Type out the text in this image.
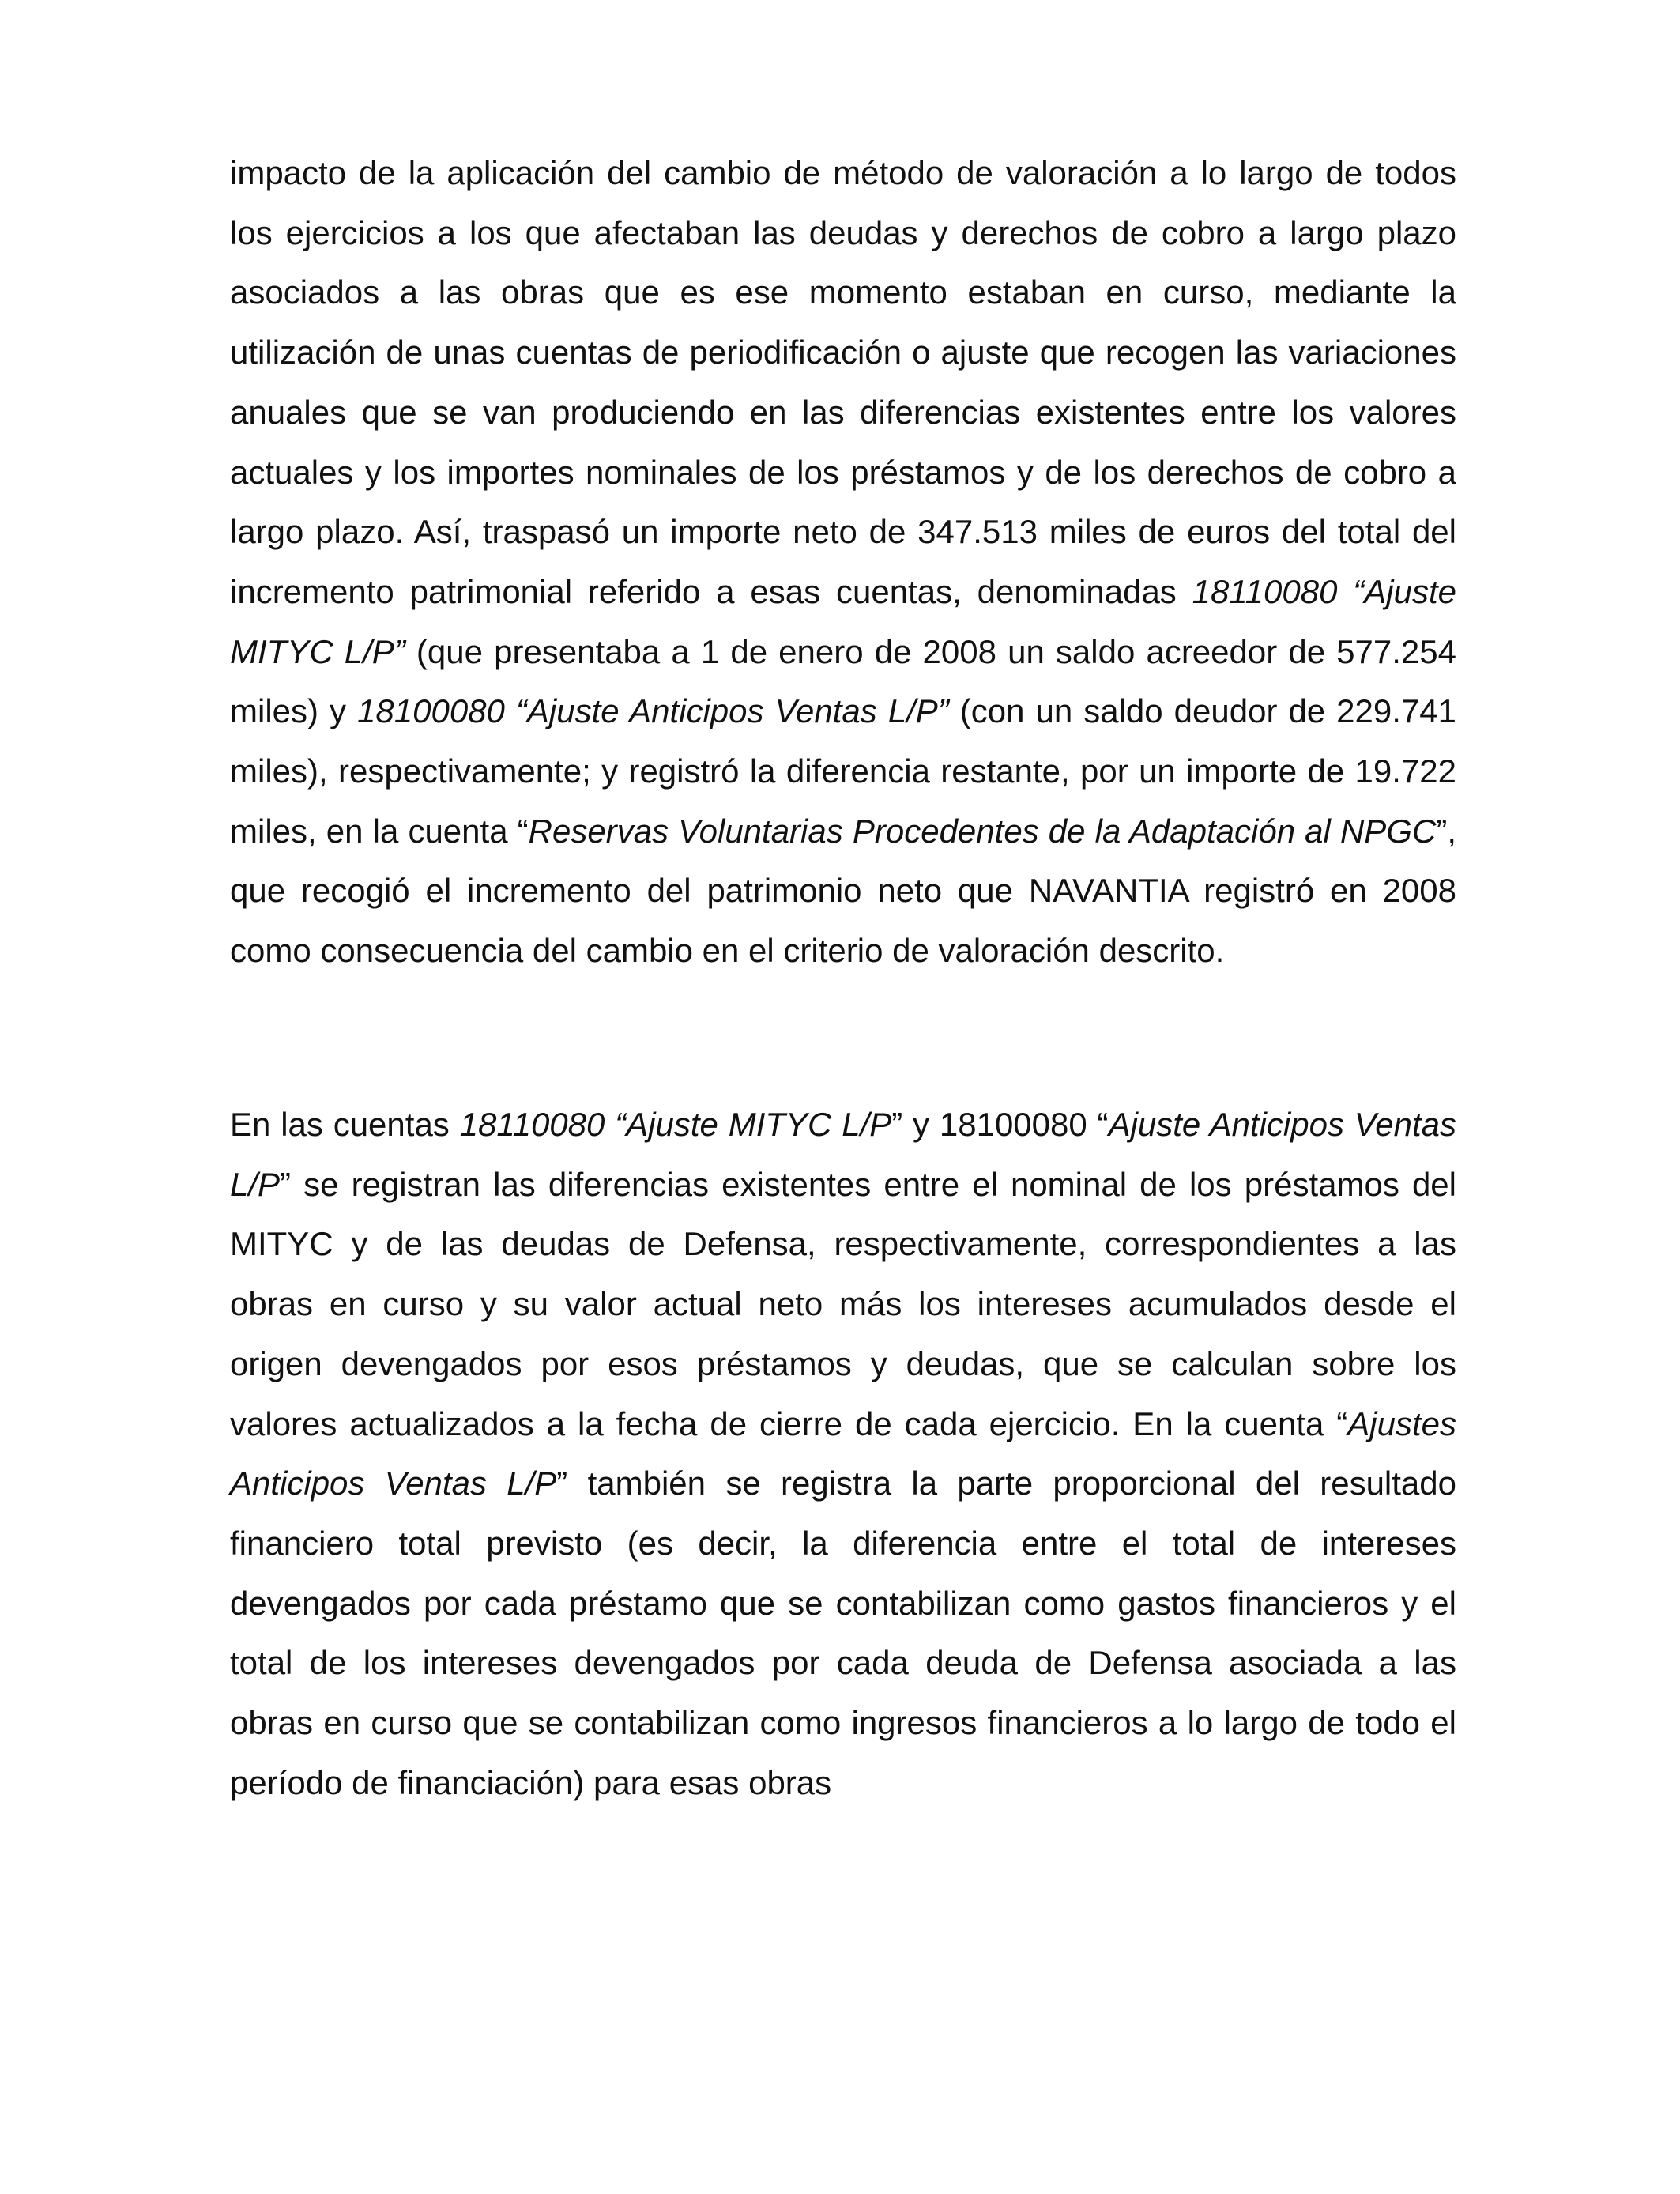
impacto de la aplicación del cambio de método de valoración a lo largo de todos los ejercicios a los que afectaban las deudas y derechos de cobro a largo plazo asociados a las obras que es ese momento estaban en curso, mediante la utilización de unas cuentas de periodificación o ajuste que recogen las variaciones anuales que se van produciendo en las diferencias existentes entre los valores actuales y los importes nominales de los préstamos y de los derechos de cobro a largo plazo. Así, traspasó un importe neto de 347.513 miles de euros del total del incremento patrimonial referido a esas cuentas, denominadas 18110080 “Ajuste MITYC L/P” (que presentaba a 1 de enero de 2008 un saldo acreedor de 577.254 miles) y 18100080 “Ajuste Anticipos Ventas L/P” (con un saldo deudor de 229.741 miles), respectivamente; y registró la diferencia restante, por un importe de 19.722 miles, en la cuenta “Reservas Voluntarias Procedentes de la Adaptación al NPGC”, que recogió el incremento del patrimonio neto que NAVANTIA registró en 2008 como consecuencia del cambio en el criterio de valoración descrito.

En las cuentas 18110080 “Ajuste MITYC L/P” y 18100080 “Ajuste Anticipos Ventas L/P” se registran las diferencias existentes entre el nominal de los préstamos del MITYC y de las deudas de Defensa, respectivamente, correspondientes a las obras en curso y su valor actual neto más los intereses acumulados desde el origen devengados por esos préstamos y deudas, que se calculan sobre los valores actualizados a la fecha de cierre de cada ejercicio. En la cuenta “Ajustes Anticipos Ventas L/P” también se registra la parte proporcional del resultado financiero total previsto (es decir, la diferencia entre el total de intereses devengados por cada préstamo que se contabilizan como gastos financieros y el total de los intereses devengados por cada deuda de Defensa asociada a las obras en curso que se contabilizan como ingresos financieros a lo largo de todo el período de financiación) para esas obras
